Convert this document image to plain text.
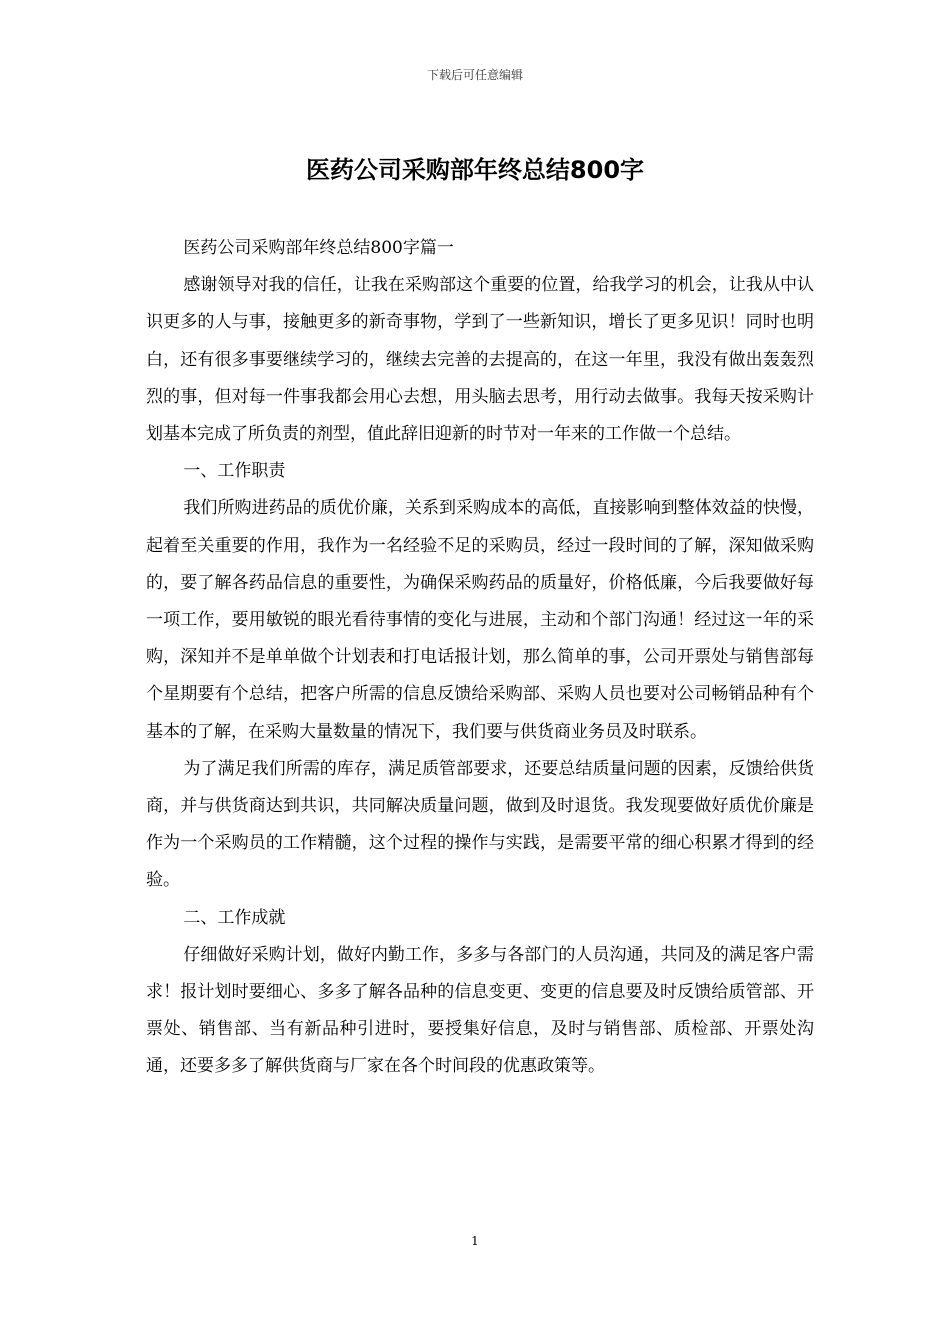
下载后可任意编辑
医药公司采购部年终总结800字

医药公司采购部年终总结800字篇一

感谢领导对我的信任，让我在采购部这个重要的位置，给我学习的机会，让我从中认识更多的人与事，接触更多的新奇事物，学到了一些新知识，增长了更多见识！同时也明白，还有很多事要继续学习的，继续去完善的去提高的，在这一年里，我没有做出轰轰烈烈的事，但对每一件事我都会用心去想，用头脑去思考，用行动去做事。我每天按采购计划基本完成了所负责的剂型，值此辞旧迎新的时节对一年来的工作做一个总结。

一、工作职责

我们所购进药品的质优价廉，关系到采购成本的高低，直接影响到整体效益的快慢，起着至关重要的作用，我作为一名经验不足的采购员，经过一段时间的了解，深知做采购的，要了解各药品信息的重要性，为确保采购药品的质量好，价格低廉，今后我要做好每一项工作，要用敏锐的眼光看待事情的变化与进展，主动和个部门沟通！经过这一年的采购，深知并不是单单做个计划表和打电话报计划，那么简单的事，公司开票处与销售部每个星期要有个总结，把客户所需的信息反馈给采购部、采购人员也要对公司畅销品种有个基本的了解，在采购大量数量的情况下，我们要与供货商业务员及时联系。

为了满足我们所需的库存，满足质管部要求，还要总结质量问题的因素，反馈给供货商，并与供货商达到共识，共同解决质量问题，做到及时退货。我发现要做好质优价廉是作为一个采购员的工作精髓，这个过程的操作与实践，是需要平常的细心积累才得到的经验。

二、工作成就

仔细做好采购计划，做好内勤工作，多多与各部门的人员沟通，共同及的满足客户需求！报计划时要细心、多多了解各品种的信息变更、变更的信息要及时反馈给质管部、开票处、销售部、当有新品种引进时，要授集好信息，及时与销售部、质检部、开票处沟通，还要多多了解供货商与厂家在各个时间段的优惠政策等。

1
